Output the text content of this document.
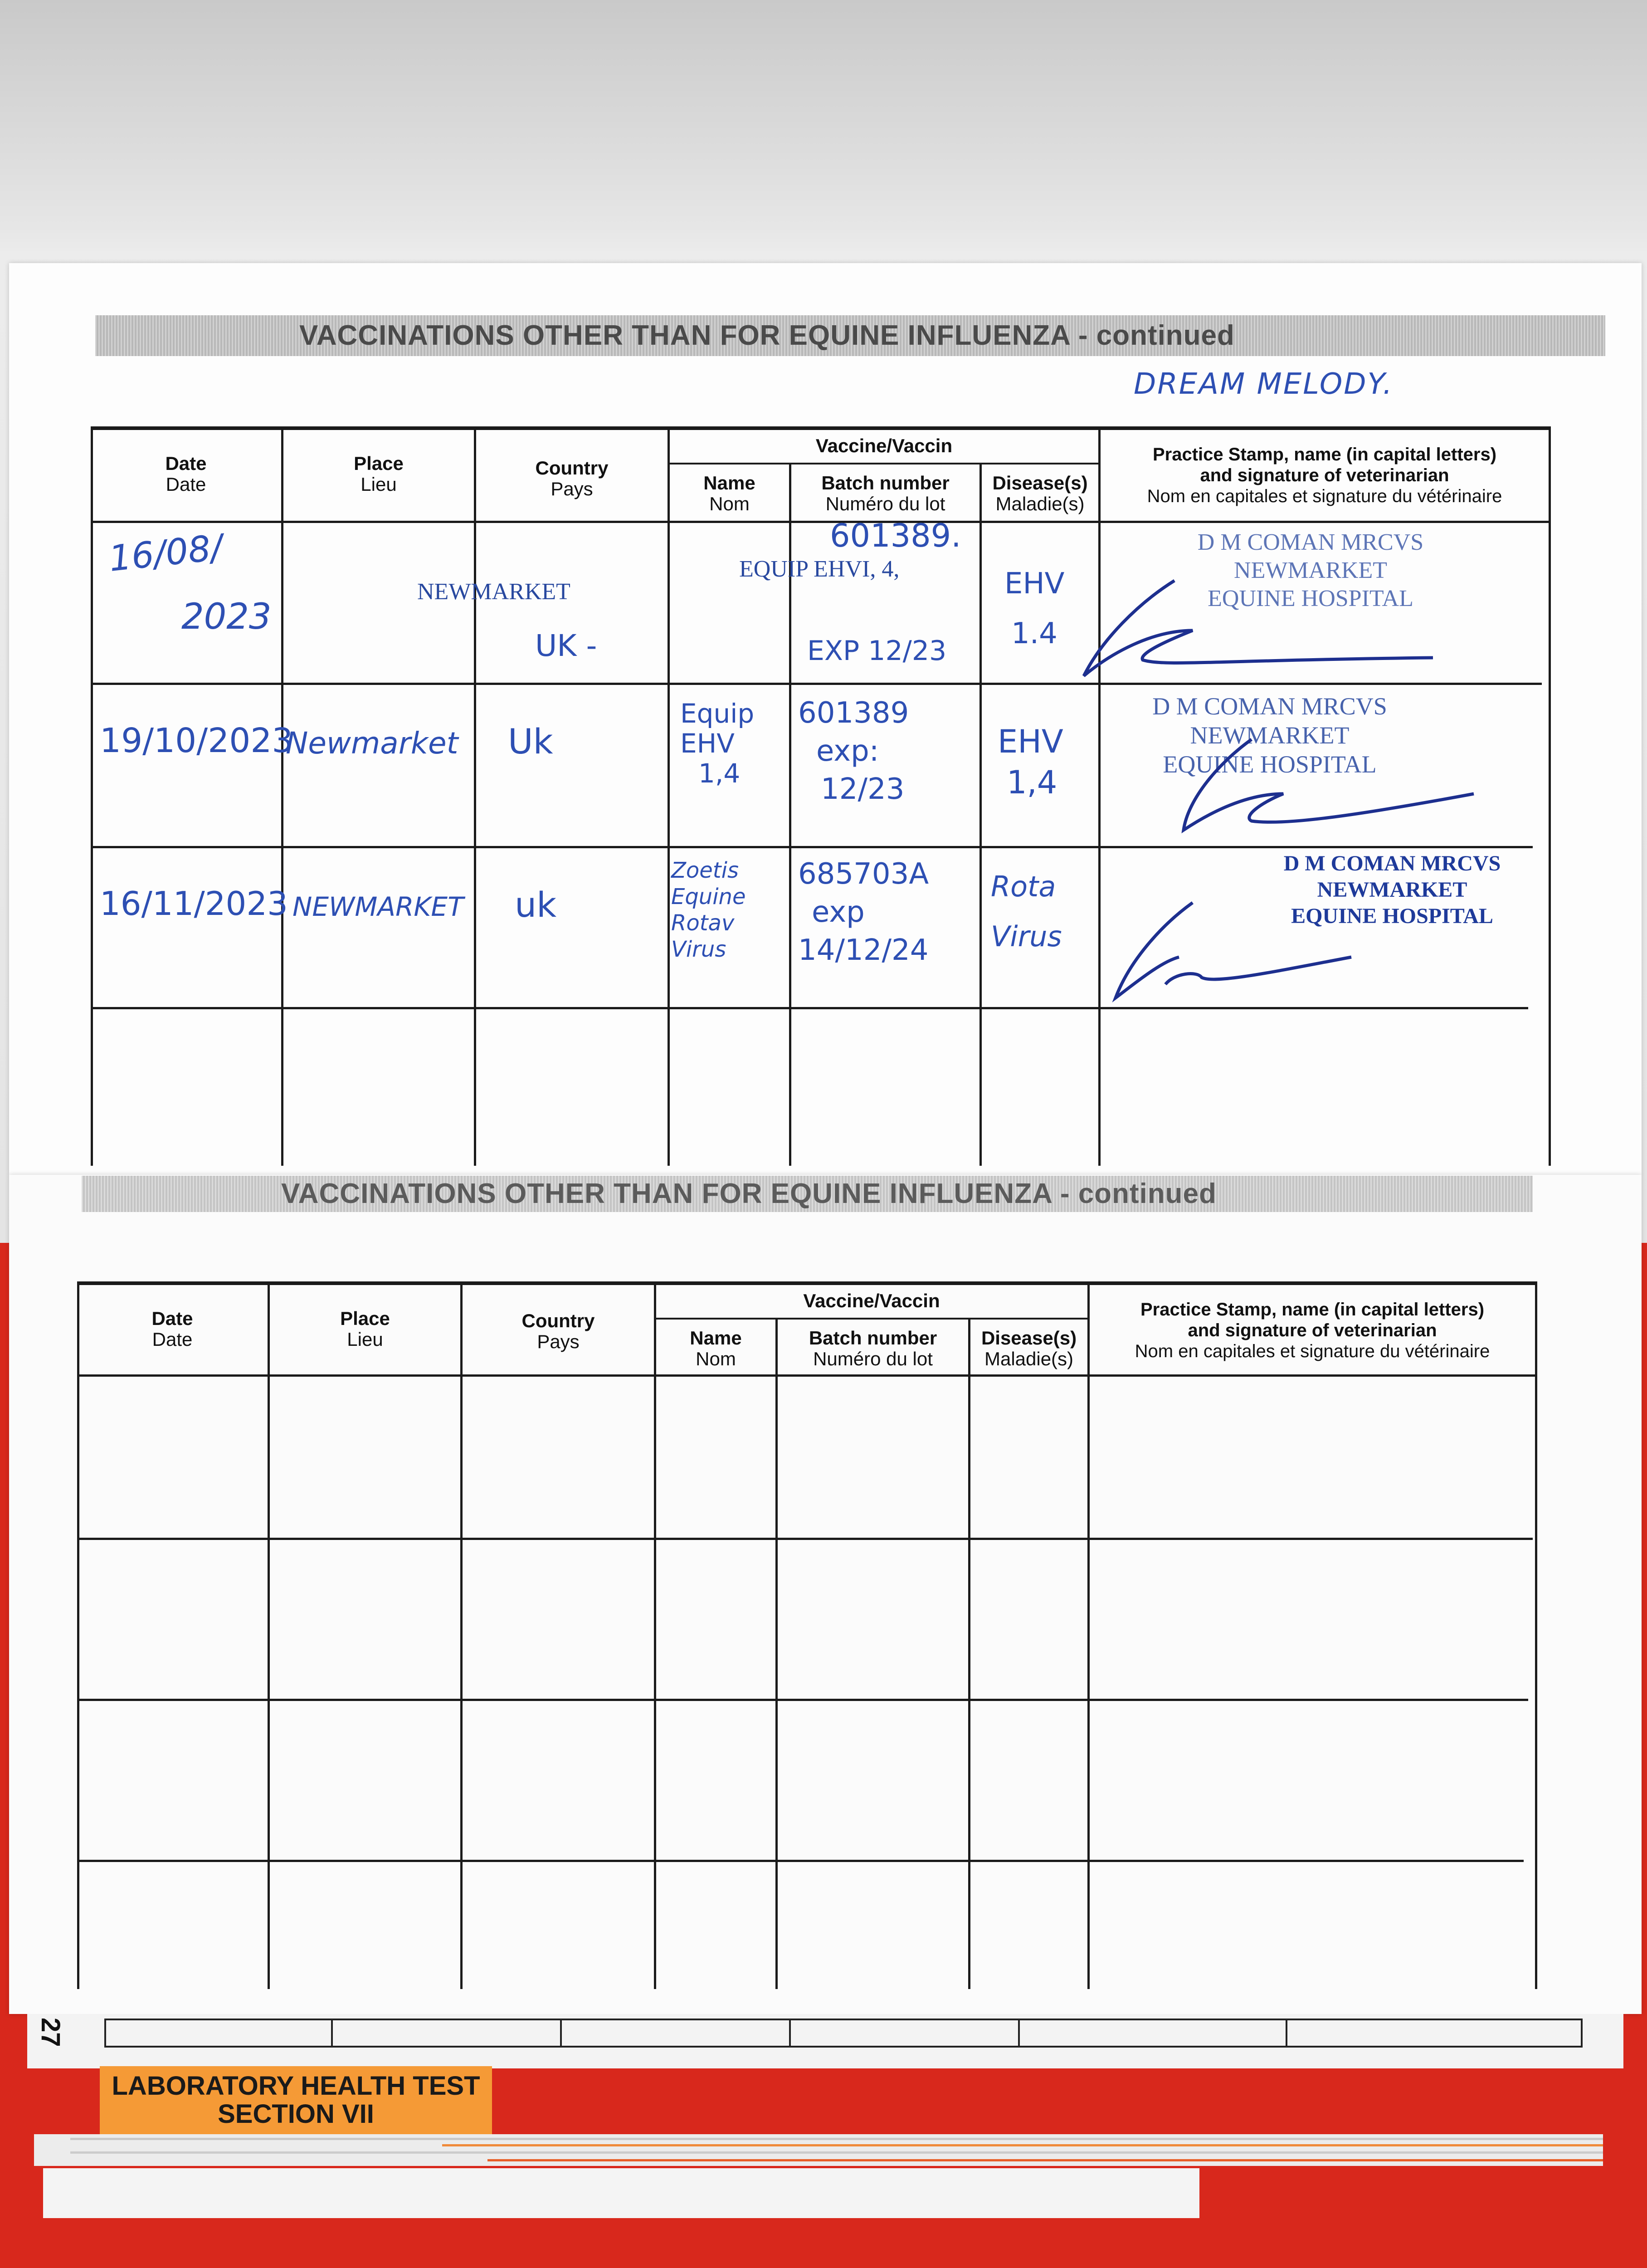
VACCINATIONS OTHER THAN FOR EQUINE INFLUENZA - continued
DREAM MELODY.
Date
Date
Place
Lieu
Country
Pays
Vaccine/Vaccin
Name
Nom
Batch number
Numéro du lot
Disease(s)
Maladie(s)
Practice Stamp, name (in capital letters)
and signature of veterinarian
Nom en capitales et signature du vétérinaire
16/08/
2023
NEWMARKET
UK -
EQUIP EHVI, 4,
601389.
EXP 12/23
EHV
1.4
D M COMAN MRCVS
NEWMARKET
EQUINE HOSPITAL
19/10/2023
Newmarket Uk
Equip
EHV
1,4
601389
exp:
12/23
EHV
1,4
D M COMAN MRCVS
NEWMARKET
EQUINE HOSPITAL
16/11/2023 NEWMARKET uk
Zoetis
Equine
Rotav
Virus
685703A
exp
14/12/24
Rota
Virus
D M COMAN MRCVS
NEWMARKET
EQUINE HOSPITAL
VACCINATIONS OTHER THAN FOR EQUINE INFLUENZA - continued
Date
Date
Place
Lieu
Country
Pays
Vaccine/Vaccin
Name
Nom
Batch number
Numéro du lot
Disease(s)
Maladie(s)
Practice Stamp, name (in capital letters)
and signature of veterinarian
Nom en capitales et signature du vétérinaire
27
LABORATORY HEALTH TEST
SECTION VII
